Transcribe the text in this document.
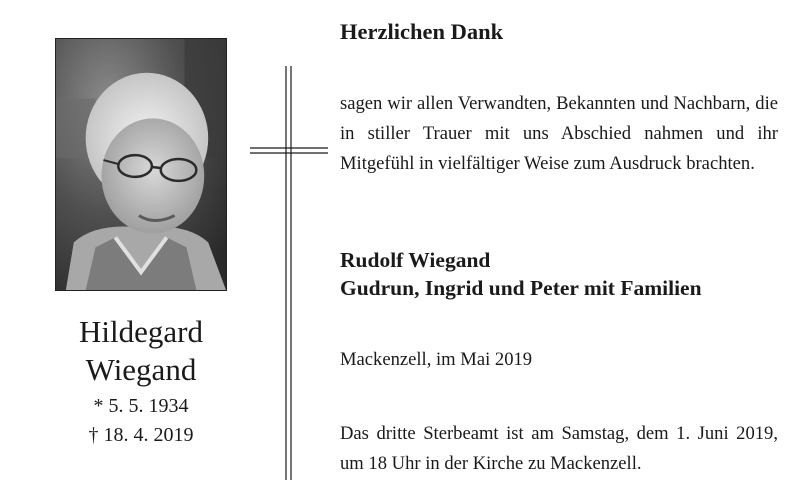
Hildegard
Wiegand
* 5. 5. 1934
† 18. 4. 2019
Herzlichen Dank

sagen wir allen Verwandten, Bekannten und Nachbarn, die in stiller Trauer mit uns Abschied nahmen und ihr Mitgefühl in vielfältiger Weise zum Ausdruck brachten.

Rudolf Wiegand
Gudrun, Ingrid und Peter mit Familien
Mackenzell, im Mai 2019

Das dritte Sterbeamt ist am Samstag, dem 1. Juni 2019, um 18 Uhr in der Kirche zu Mackenzell.
